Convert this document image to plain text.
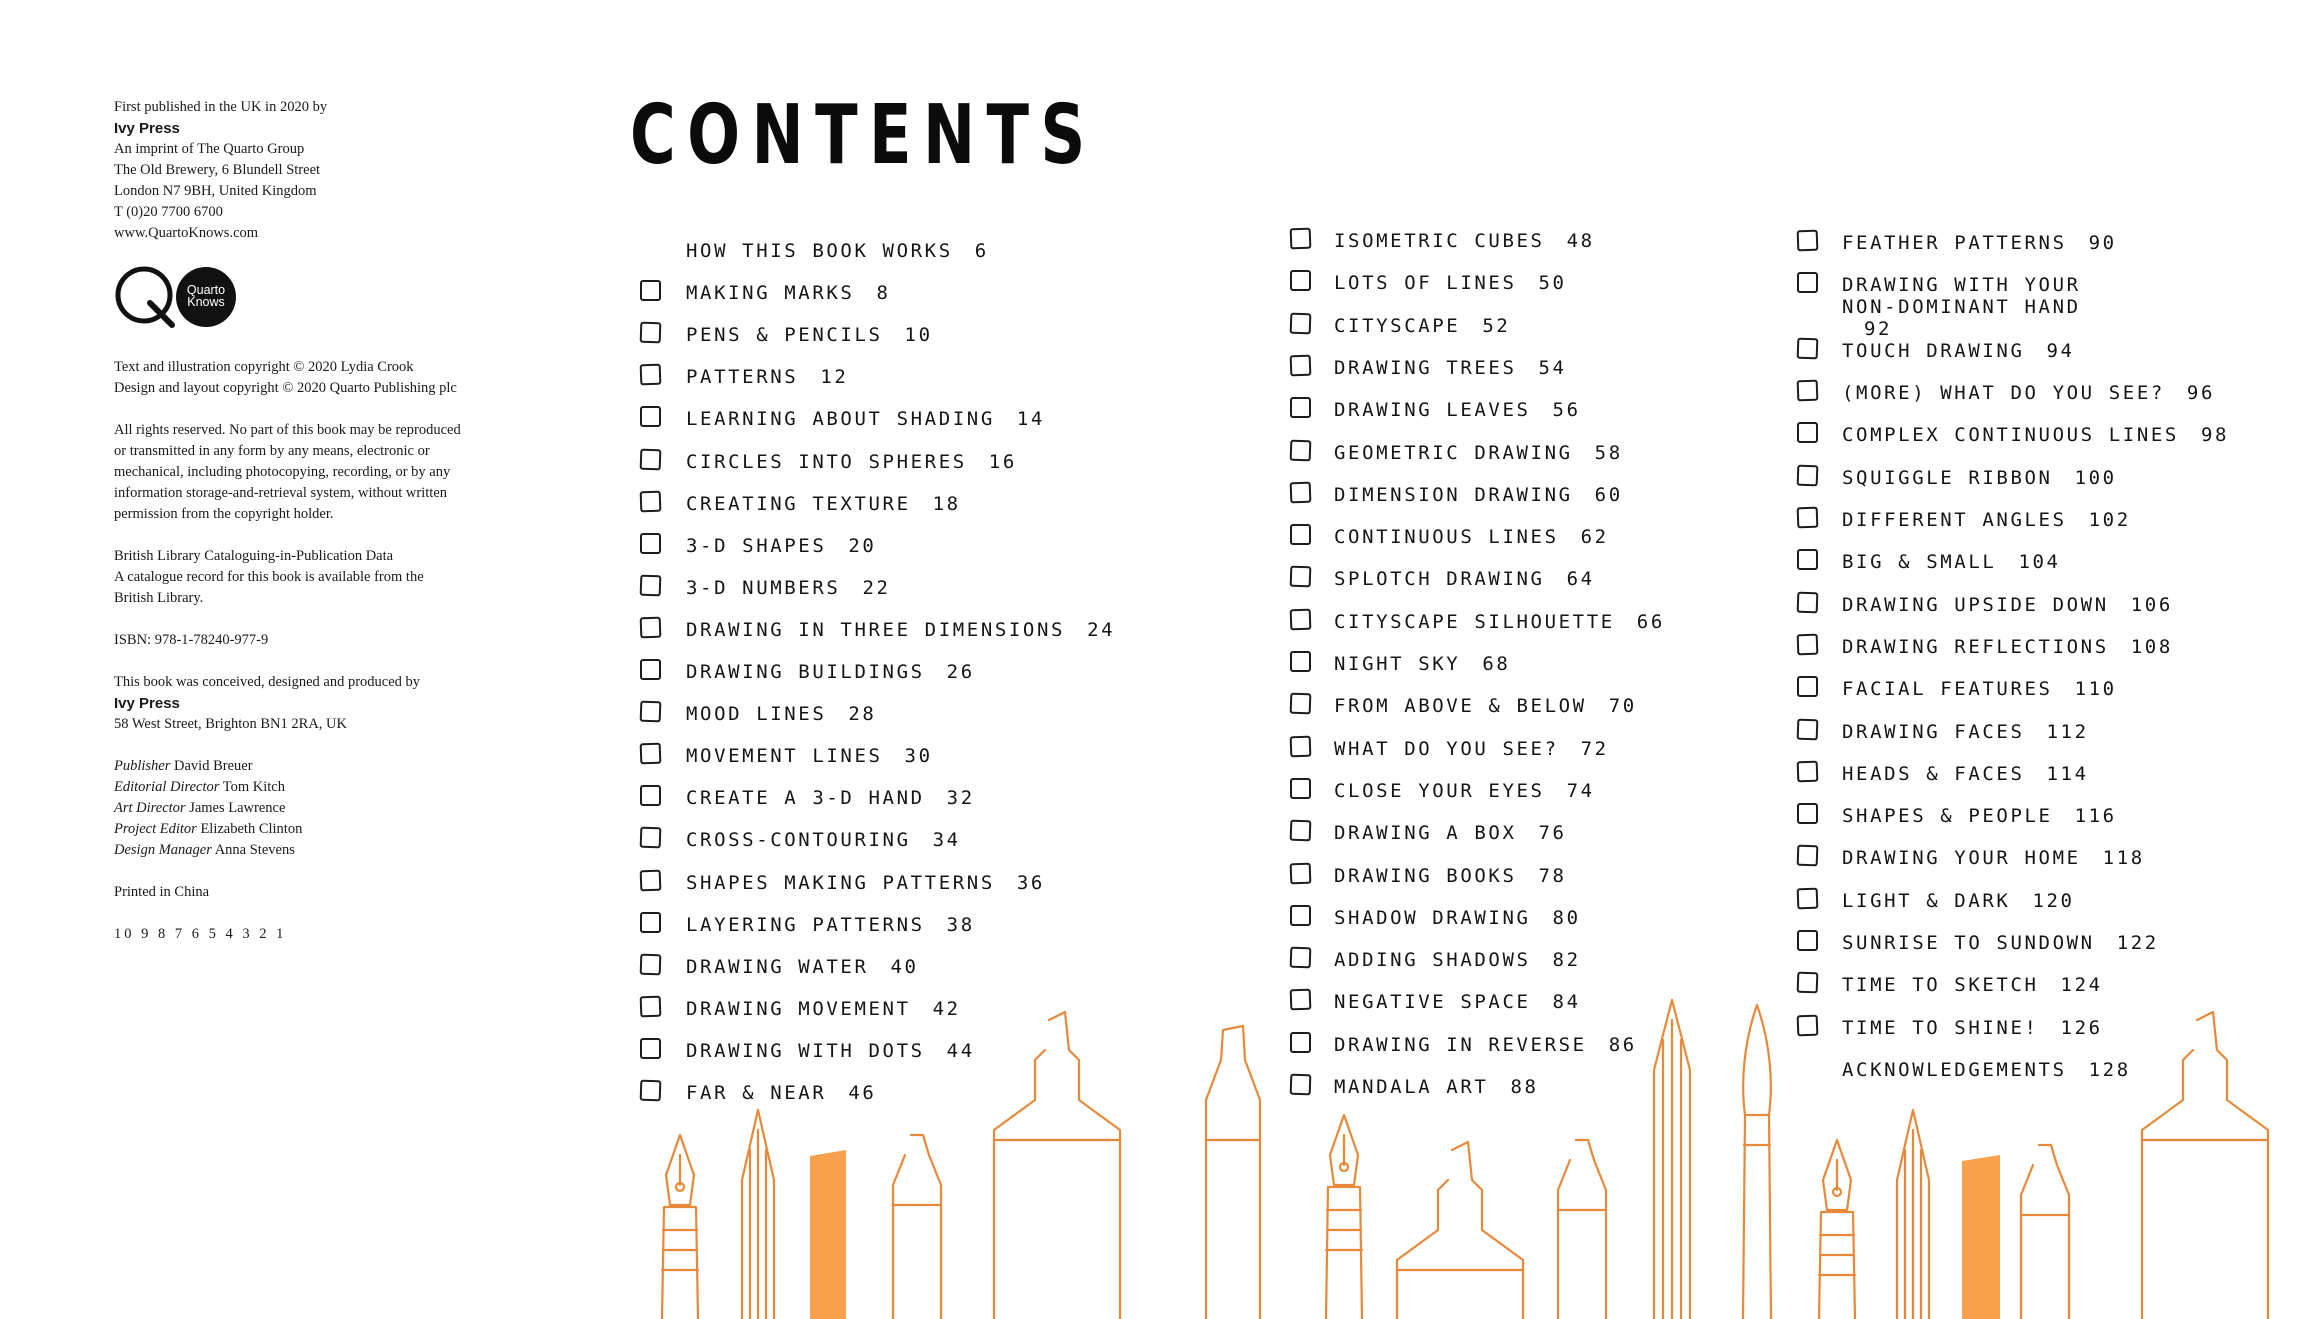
First published in the UK in 2020 by
Ivy Press
An imprint of The Quarto Group
The Old Brewery, 6 Blundell Street
London N7 9BH, United Kingdom
T (0)20 7700 6700
www.QuartoKnows.com
Quarto
Knows
Text and illustration copyright © 2020 Lydia Crook
Design and layout copyright © 2020 Quarto Publishing plc
All rights reserved. No part of this book may be reproduced
or transmitted in any form by any means, electronic or
mechanical, including photocopying, recording, or by any
information storage-and-retrieval system, without written
permission from the copyright holder.
British Library Cataloguing-in-Publication Data
A catalogue record for this book is available from the
British Library.
ISBN: 978-1-78240-977-9
This book was conceived, designed and produced by
Ivy Press
58 West Street, Brighton BN1 2RA, UK
Publisher David Breuer
Editorial Director Tom Kitch
Art Director James Lawrence
Project Editor Elizabeth Clinton
Design Manager Anna Stevens
Printed in China
10 9 8 7 6 5 4 3 2 1
CONTENTS
HOW THIS BOOK WORKS 6
MAKING MARKS 8
PENS & PENCILS 10
PATTERNS 12
LEARNING ABOUT SHADING 14
CIRCLES INTO SPHERES 16
CREATING TEXTURE 18
3-D SHAPES 20
3-D NUMBERS 22
DRAWING IN THREE DIMENSIONS 24
DRAWING BUILDINGS 26
MOOD LINES 28
MOVEMENT LINES 30
CREATE A 3-D HAND 32
CROSS-CONTOURING 34
SHAPES MAKING PATTERNS 36
LAYERING PATTERNS 38
DRAWING WATER 40
DRAWING MOVEMENT 42
DRAWING WITH DOTS 44
FAR & NEAR 46
ISOMETRIC CUBES 48
LOTS OF LINES 50
CITYSCAPE 52
DRAWING TREES 54
DRAWING LEAVES 56
GEOMETRIC DRAWING 58
DIMENSION DRAWING 60
CONTINUOUS LINES 62
SPLOTCH DRAWING 64
CITYSCAPE SILHOUETTE 66
NIGHT SKY 68
FROM ABOVE & BELOW 70
WHAT DO YOU SEE? 72
CLOSE YOUR EYES 74
DRAWING A BOX 76
DRAWING BOOKS 78
SHADOW DRAWING 80
ADDING SHADOWS 82
NEGATIVE SPACE 84
DRAWING IN REVERSE 86
MANDALA ART 88
FEATHER PATTERNS 90
DRAWING WITH YOUR
NON-DOMINANT HAND
92
TOUCH DRAWING 94
(MORE) WHAT DO YOU SEE? 96
COMPLEX CONTINUOUS LINES 98
SQUIGGLE RIBBON 100
DIFFERENT ANGLES 102
BIG & SMALL 104
DRAWING UPSIDE DOWN 106
DRAWING REFLECTIONS 108
FACIAL FEATURES 110
DRAWING FACES 112
HEADS & FACES 114
SHAPES & PEOPLE 116
DRAWING YOUR HOME 118
LIGHT & DARK 120
SUNRISE TO SUNDOWN 122
TIME TO SKETCH 124
TIME TO SHINE! 126
ACKNOWLEDGEMENTS 128
